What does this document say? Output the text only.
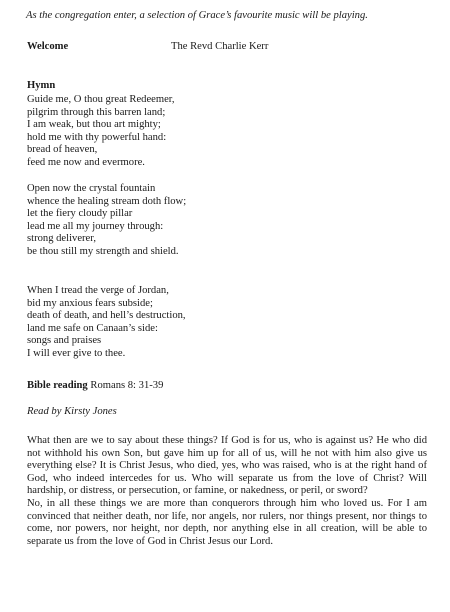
As the congregation enter, a selection of Grace’s favourite music will be playing.
Welcome	The Revd Charlie Kerr
Hymn
Guide me, O thou great Redeemer,
pilgrim through this barren land;
I am weak, but thou art mighty;
hold me with thy powerful hand:
bread of heaven,
feed me now and evermore.
Open now the crystal fountain
whence the healing stream doth flow;
let the fiery cloudy pillar
lead me all my journey through:
strong deliverer,
be thou still my strength and shield.
When I tread the verge of Jordan,
bid my anxious fears subside;
death of death, and hell’s destruction,
land me safe on Canaan’s side:
songs and praises
I will ever give to thee.
Bible reading Romans 8: 31-39
Read by Kirsty Jones

What then are we to say about these things? If God is for us, who is against us? He who did not withhold his own Son, but gave him up for all of us, will he not with him also give us everything else? It is Christ Jesus, who died, yes, who was raised, who is at the right hand of God, who indeed intercedes for us. Who will separate us from the love of Christ? Will hardship, or distress, or persecution, or famine, or nakedness, or peril, or sword?

No, in all these things we are more than conquerors through him who loved us. For I am convinced that neither death, nor life, nor angels, nor rulers, nor things present, nor things to come, nor powers, nor height, nor depth, nor anything else in all creation, will be able to separate us from the love of God in Christ Jesus our Lord.
